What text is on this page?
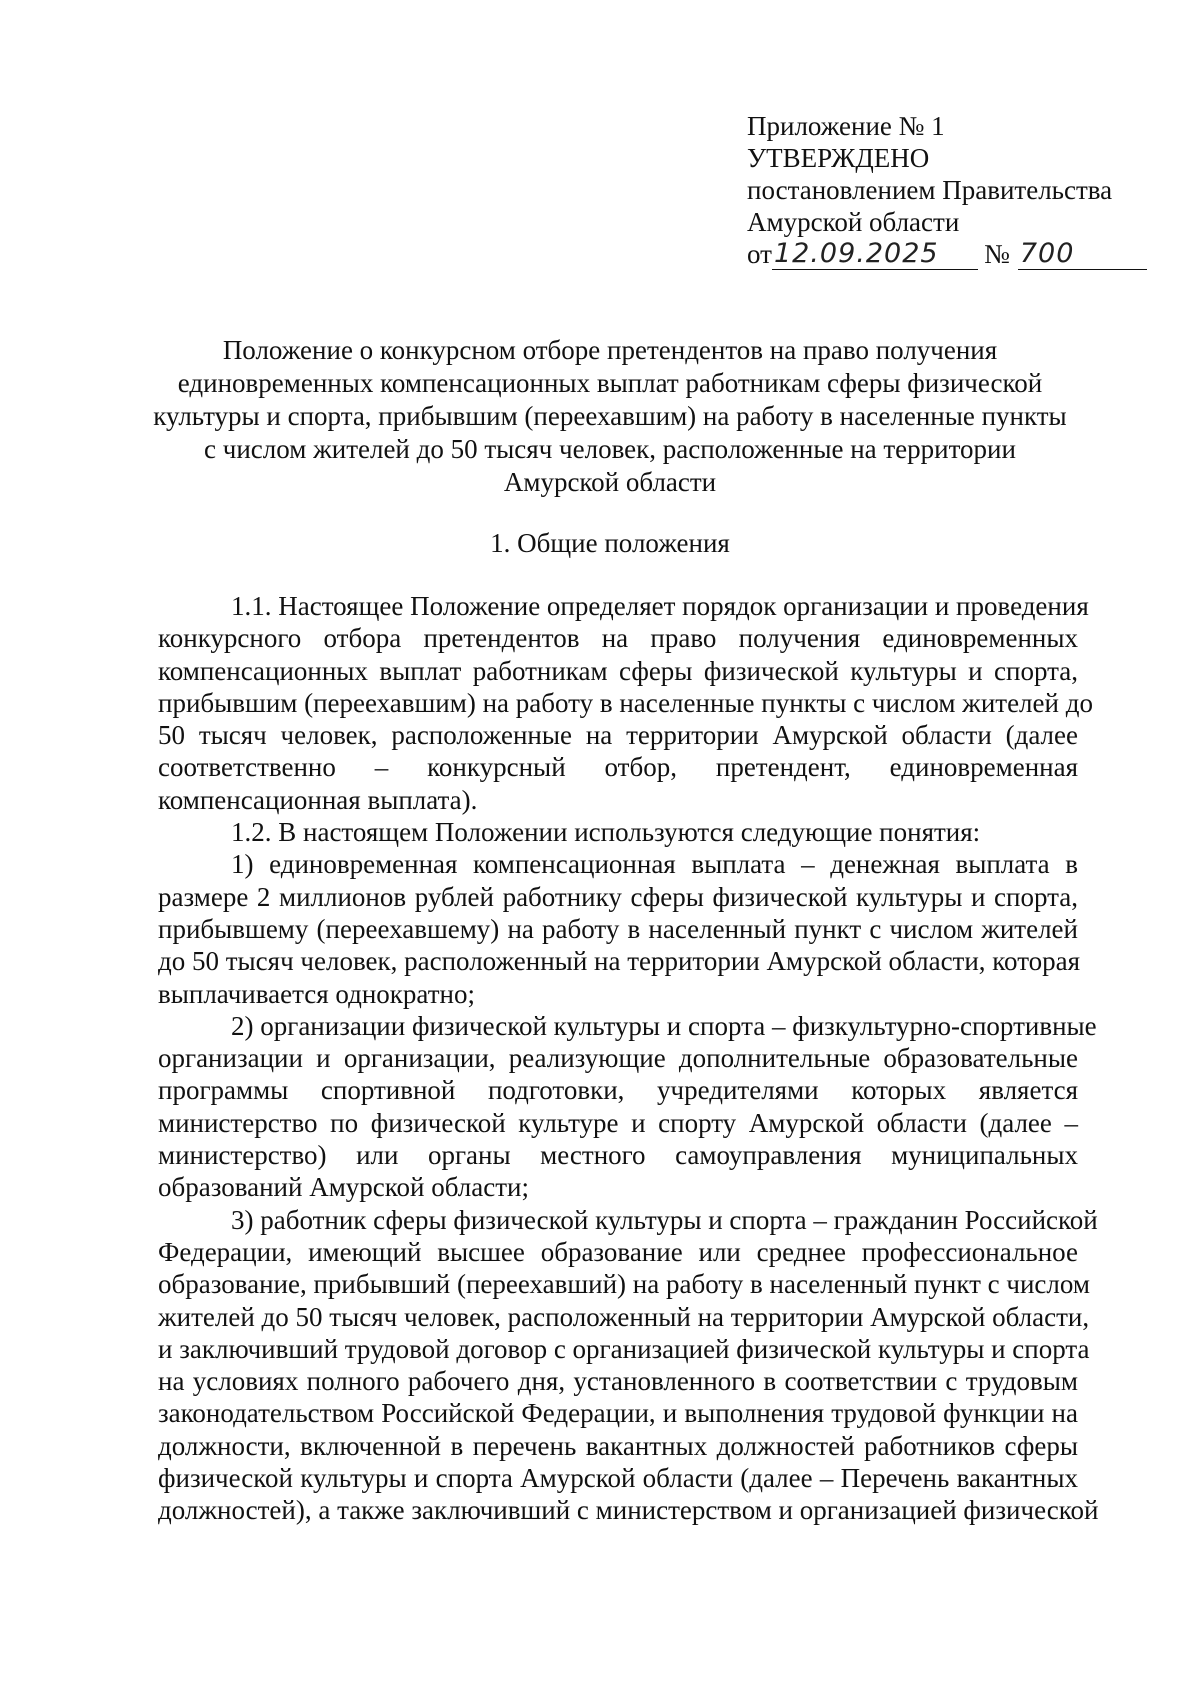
Приложение № 1
УТВЕРЖДЕНО
постановлением Правительства
Амурской области
от 12.09.2025	№ 700
Положение о конкурсном отборе претендентов на право получения
единовременных компенсационных выплат работникам сферы физической
культуры и спорта, прибывшим (переехавшим) на работу в населенные пункты
с числом жителей до 50 тысяч человек, расположенные на территории
Амурской области
1. Общие положения
1.1. Настоящее Положение определяет порядок организации и проведения
конкурсного отбора претендентов на право получения единовременных
компенсационных выплат работникам сферы физической культуры и спорта,
прибывшим (переехавшим) на работу в населенные пункты с числом жителей до
50 тысяч человек, расположенные на территории Амурской области (далее
соответственно – конкурсный отбор, претендент, единовременная
компенсационная выплата).
1.2. В настоящем Положении используются следующие понятия:
1) единовременная компенсационная выплата – денежная выплата в
размере 2 миллионов рублей работнику сферы физической культуры и спорта,
прибывшему (переехавшему) на работу в населенный пункт с числом жителей
до 50 тысяч человек, расположенный на территории Амурской области, которая
выплачивается однократно;
2) организации физической культуры и спорта – физкультурно-спортивные
организации и организации, реализующие дополнительные образовательные
программы спортивной подготовки, учредителями которых является
министерство по физической культуре и спорту Амурской области (далее –
министерство) или органы местного самоуправления муниципальных
образований Амурской области;
3) работник сферы физической культуры и спорта – гражданин Российской
Федерации, имеющий высшее образование или среднее профессиональное
образование, прибывший (переехавший) на работу в населенный пункт с числом
жителей до 50 тысяч человек, расположенный на территории Амурской области,
и заключивший трудовой договор с организацией физической культуры и спорта
на условиях полного рабочего дня, установленного в соответствии с трудовым
законодательством Российской Федерации, и выполнения трудовой функции на
должности, включенной в перечень вакантных должностей работников сферы
физической культуры и спорта Амурской области (далее – Перечень вакантных
должностей), а также заключивший с министерством и организацией физической
